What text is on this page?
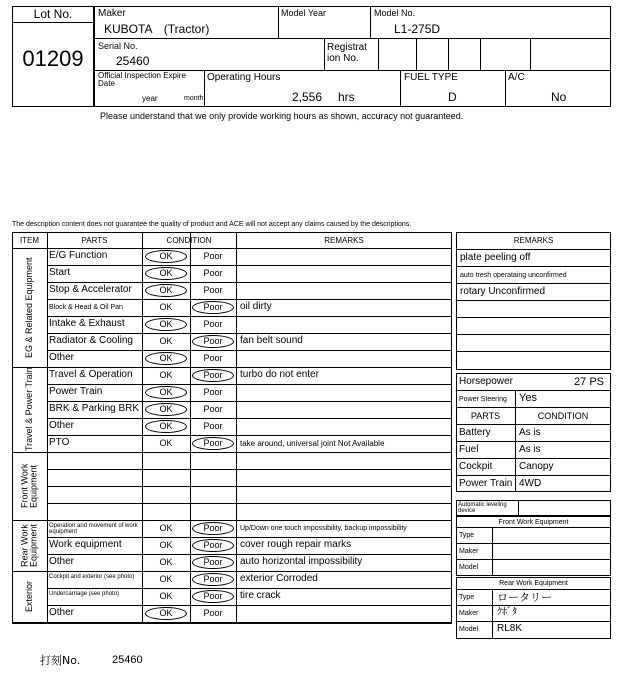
Lot No.
01209
Maker
KUBOTA　(Tractor)
Model Year	Model No.
L1-275D
Serial No.
25460
Registrat ion No.
Official Inspection Expire Date
year	month
Operating Hours
2,556 hrs
FUEL TYPE
D
A/C
No
Please understand that we only provide working hours as shown, accuracy not guaranteed.
The description content does not guarantee the quality of product and ACE will not accept any claims caused by the descriptions.
ITEM	PARTS	CONDITION	REMARKS
E/G Function	OK	Poor
Start	OK	Poor
Stop & Accelerator	OK	Poor
Block & Head & Oil Pan	OK	Poor	oil dirty
Intake & Exhaust	OK	Poor
Radiator & Cooling	OK	Poor	fan belt sound
Other	OK	Poor
EG & Related Equipment
Travel & Operation	OK	Poor	turbo do not enter
Power Train	OK	Poor
BRK & Parking BRK	OK	Poor
Other	OK	Poor
PTO	OK	Poor	take around, universal joint Not Available
Travel & Power Train
Front Work Equipment
Operation and movement of work equipment	OK	Poor	Up/Down one touch impossibility, backup impossibility
Work equipment	OK	Poor	cover rough repair marks
Other	OK	Poor	auto horizontal impossibility
Rear Work Equipment
Cockpit and exterior (see photo)	OK	Poor	exterior Corroded
Undercarriage (see photo)	OK	Poor	tire crack
Other	OK	Poor
Exterior
REMARKS
plate peeling off
auto tresh operataing unconfirmed
rotary Unconfirmed
Horsepower	27 PS
Power Steering Yes
PARTS	CONDITION
Battery	As is
Fuel	As is
Cockpit	Canopy
Power Train 4WD
Automatic leveling device
Front Work Equipment
Type
Maker
Model
Rear Work Equipment
Type ロータリー
Maker ｸﾎﾞﾀ
Model RL8K
打刻No.	25460
